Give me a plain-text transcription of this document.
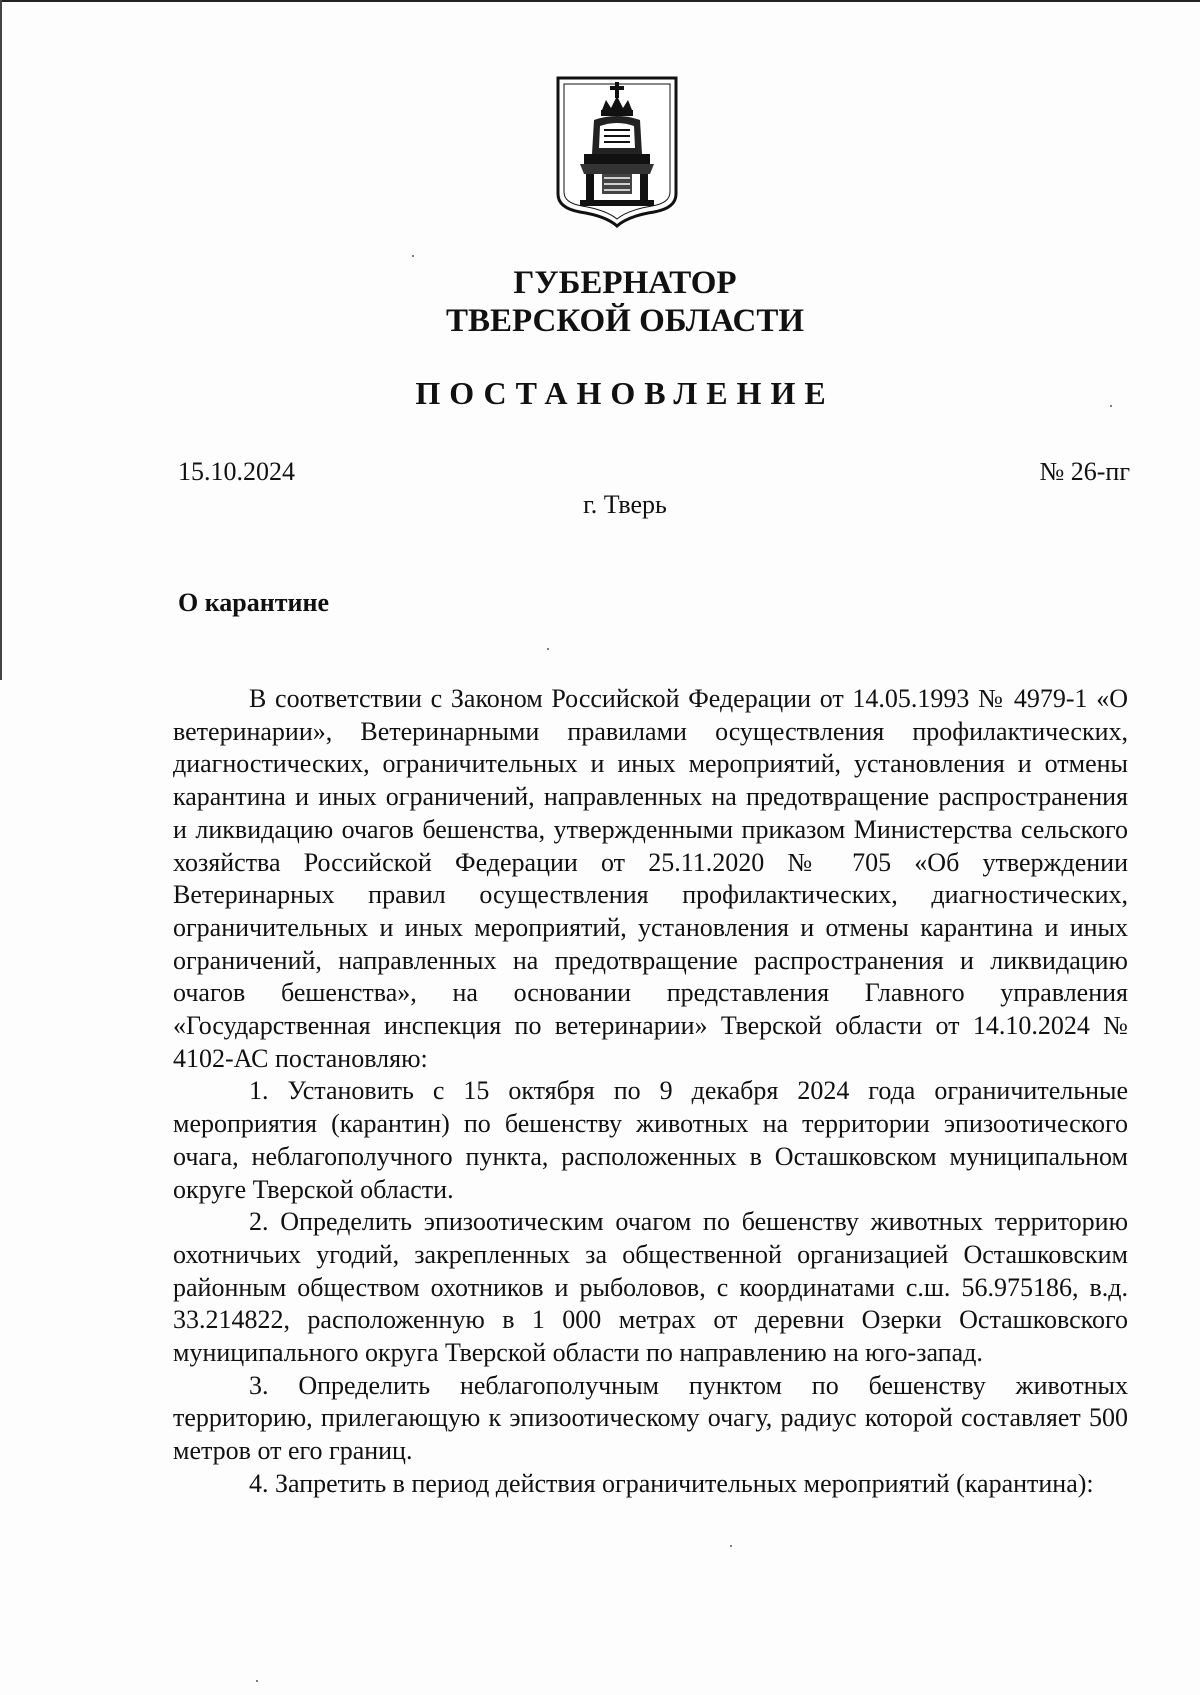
ГУБЕРНАТОР
ТВЕРСКОЙ ОБЛАСТИ
ПОСТАНОВЛЕНИЕ
15.10.2024	№ 26-пг
г. Тверь
О карантине

В соответствии с Законом Российской Федерации от 14.05.1993 № 4979-1 «О ветеринарии», Ветеринарными правилами осуществления профилактических, диагностических, ограничительных и иных мероприятий, установления и отмены карантина и иных ограничений, направленных на предотвращение распространения и ликвидацию очагов бешенства, утвержденными приказом Министерства сельского хозяйства Российской Федерации от 25.11.2020 № 705 «Об утверждении Ветеринарных правил осуществления профилактических, диагностических, ограничительных и иных мероприятий, установления и отмены карантина и иных ограничений, направленных на предотвращение распространения и ликвидацию очагов бешенства», на основании представления Главного управления «Государственная инспекция по ветеринарии» Тверской области от 14.10.2024 № 4102-АС постановляю:

1. Установить с 15 октября по 9 декабря 2024 года ограничительные мероприятия (карантин) по бешенству животных на территории эпизоотического очага, неблагополучного пункта, расположенных в Осташковском муниципальном округе Тверской области.

2. Определить эпизоотическим очагом по бешенству животных территорию охотничьих угодий, закрепленных за общественной организацией Осташковским районным обществом охотников и рыболовов, с координатами с.ш. 56.975186, в.д. 33.214822, расположенную в 1 000 метрах от деревни Озерки Осташковского муниципального округа Тверской области по направлению на юго-запад.

3. Определить неблагополучным пунктом по бешенству животных территорию, прилегающую к эпизоотическому очагу, радиус которой составляет 500 метров от его границ.

4. Запретить в период действия ограничительных мероприятий (карантина):
